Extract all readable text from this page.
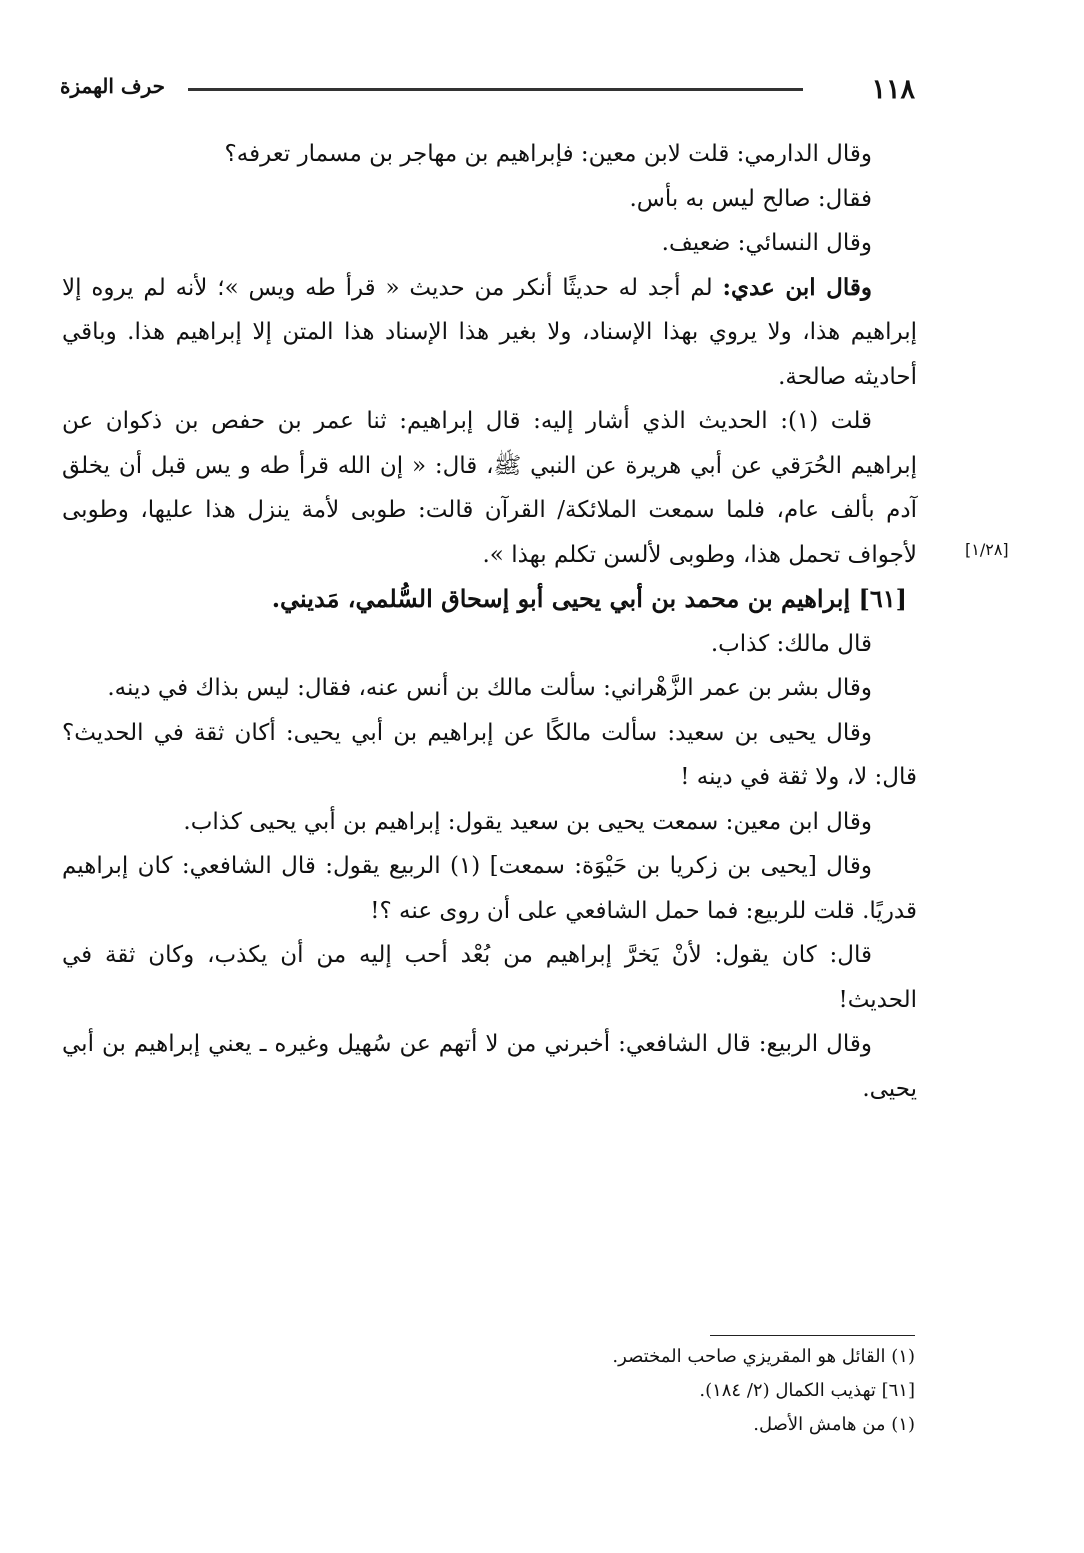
١١٨
حرف الهمزة
[١/٢٨]

وقال الدارمي: قلت لابن معين: فإبراهيم بن مهاجر بن مسمار تعرفه؟

فقال: صالح ليس به بأس.

وقال النسائي: ضعيف.

وقال ابن عدي: لم أجد له حديثًا أنكر من حديث « قرأ طه ويس »؛ لأنه لم يروه إلا إبراهيم هذا، ولا يروي بهذا الإسناد، ولا بغير هذا الإسناد هذا المتن إلا إبراهيم هذا. وباقي أحاديثه صالحة.

قلت (١): الحديث الذي أشار إليه: قال إبراهيم: ثنا عمر بن حفص بن ذكوان عن إبراهيم الحُرَقي عن أبي هريرة عن النبي ﷺ، قال: « إن الله قرأ طه و يس قبل أن يخلق آدم بألف عام، فلما سمعت الملائكة/ القرآن قالت: طوبى لأمة ينزل هذا عليها، وطوبى لأجواف تحمل هذا، وطوبى لألسن تكلم بهذا ».

[٦١] إبراهيم بن محمد بن أبي يحيى أبو إسحاق السُّلمي، مَديني.

قال مالك: كذاب.

وقال بشر بن عمر الزَّهْراني: سألت مالك بن أنس عنه، فقال: ليس بذاك في دينه.

وقال يحيى بن سعيد: سألت مالكًا عن إبراهيم بن أبي يحيى: أكان ثقة في الحديث؟ قال: لا، ولا ثقة في دينه !

وقال ابن معين: سمعت يحيى بن سعيد يقول: إبراهيم بن أبي يحيى كذاب.

وقال [يحيى بن زكريا بن حَيْوَة: سمعت] (١) الربيع يقول: قال الشافعي: كان إبراهيم قدريًا. قلت للربيع: فما حمل الشافعي على أن روى عنه ؟!

قال: كان يقول: لأنْ يَخرَّ إبراهيم من بُعْد أحب إليه من أن يكذب، وكان ثقة في الحديث!

وقال الربيع: قال الشافعي: أخبرني من لا أتهم عن سُهيل وغيره ـ يعني إبراهيم بن أبي يحيى.

(١) القائل هو المقريزي صاحب المختصر.
[٦١] تهذيب الكمال (٢/ ١٨٤).
(١) من هامش الأصل.
